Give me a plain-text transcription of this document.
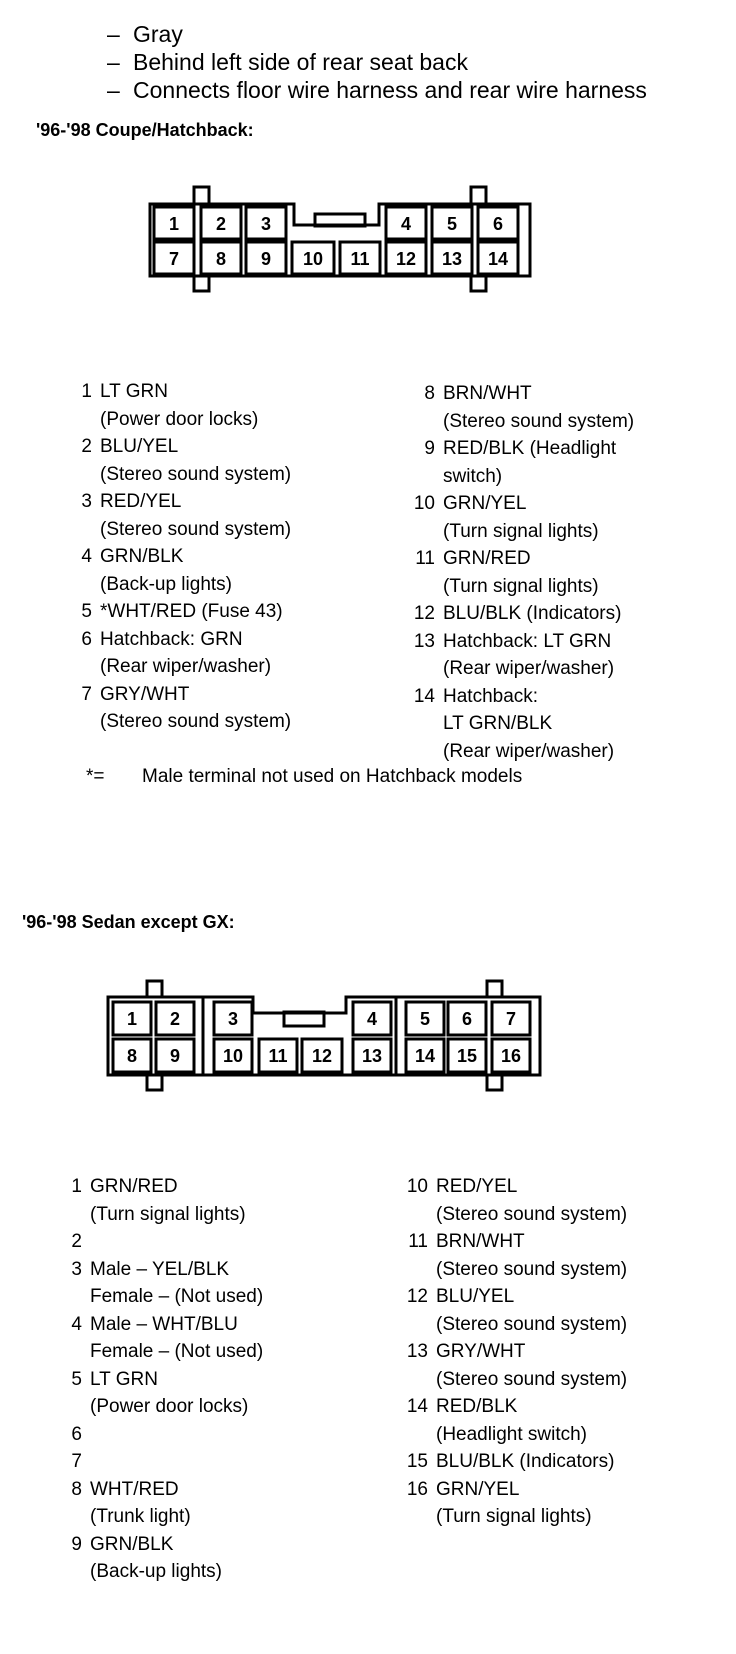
– Gray
– Behind left side of rear seat back
– Connects floor wire harness and rear wire harness
'96-'98 Coupe/Hatchback:
1 2 3	4 5 6
7 8 9 10 11 12 13 14
1 LT GRN
(Power door locks)
2 BLU/YEL
(Stereo sound system)
3 RED/YEL
(Stereo sound system)
4 GRN/BLK
(Back-up lights)
5 *WHT/RED (Fuse 43)
6 Hatchback: GRN
(Rear wiper/washer)
7 GRY/WHT
(Stereo sound system)
8 BRN/WHT
(Stereo sound system)
9 RED/BLK (Headlight
switch)
10 GRN/YEL
(Turn signal lights)
11 GRN/RED
(Turn signal lights)
12 BLU/BLK (Indicators)
13 Hatchback: LT GRN
(Rear wiper/washer)
14 Hatchback:
LT GRN/BLK
(Rear wiper/washer)
*= Male terminal not used on Hatchback models
'96-'98 Sedan except GX:
1 2	3	4 5 6 7
8 9 10 11 12 13 14 15 16
1 GRN/RED
(Turn signal lights)
2
3 Male – YEL/BLK
Female – (Not used)
4 Male – WHT/BLU
Female – (Not used)
5 LT GRN
(Power door locks)
6
7
8 WHT/RED
(Trunk light)
9 GRN/BLK
(Back-up lights)
10 RED/YEL
(Stereo sound system)
11 BRN/WHT
(Stereo sound system)
12 BLU/YEL
(Stereo sound system)
13 GRY/WHT
(Stereo sound system)
14 RED/BLK
(Headlight switch)
15 BLU/BLK (Indicators)
16 GRN/YEL
(Turn signal lights)
